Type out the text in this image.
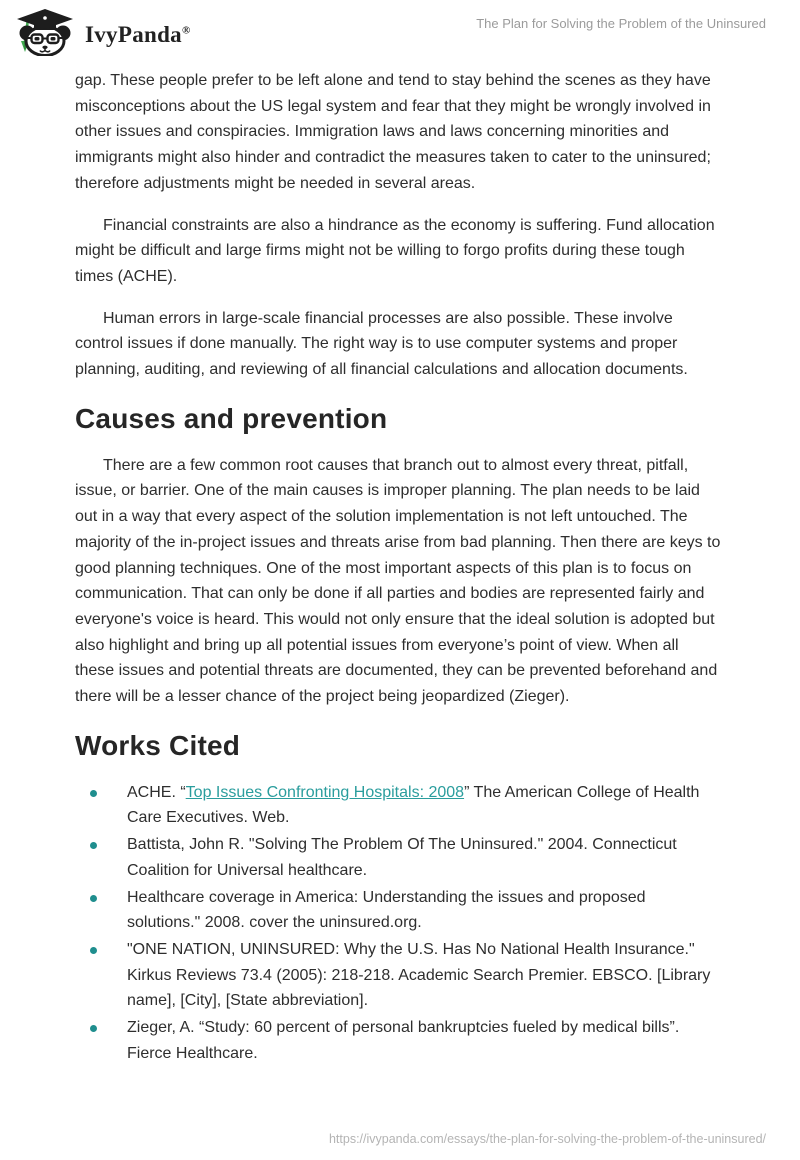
IvyPanda®	The Plan for Solving the Problem of the Uninsured

gap. These people prefer to be left alone and tend to stay behind the scenes as they have misconceptions about the US legal system and fear that they might be wrongly involved in other issues and conspiracies. Immigration laws and laws concerning minorities and immigrants might also hinder and contradict the measures taken to cater to the uninsured; therefore adjustments might be needed in several areas.

Financial constraints are also a hindrance as the economy is suffering. Fund allocation might be difficult and large firms might not be willing to forgo profits during these tough times (ACHE).

Human errors in large-scale financial processes are also possible. These involve control issues if done manually. The right way is to use computer systems and proper planning, auditing, and reviewing of all financial calculations and allocation documents.

Causes and prevention

There are a few common root causes that branch out to almost every threat, pitfall, issue, or barrier. One of the main causes is improper planning. The plan needs to be laid out in a way that every aspect of the solution implementation is not left untouched. The majority of the in-project issues and threats arise from bad planning. Then there are keys to good planning techniques. One of the most important aspects of this plan is to focus on communication. That can only be done if all parties and bodies are represented fairly and everyone's voice is heard. This would not only ensure that the ideal solution is adopted but also highlight and bring up all potential issues from everyone’s point of view. When all these issues and potential threats are documented, they can be prevented beforehand and there will be a lesser chance of the project being jeopardized (Zieger).

Works Cited
ACHE. “Top Issues Confronting Hospitals: 2008” The American College of Health Care Executives. Web.
Battista, John R. "Solving The Problem Of The Uninsured." 2004. Connecticut Coalition for Universal healthcare.
Healthcare coverage in America: Understanding the issues and proposed solutions." 2008. cover the uninsured.org.
"ONE NATION, UNINSURED: Why the U.S. Has No National Health Insurance." Kirkus Reviews 73.4 (2005): 218-218. Academic Search Premier. EBSCO. [Library name], [City], [State abbreviation].
Zieger, A. “Study: 60 percent of personal bankruptcies fueled by medical bills”. Fierce Healthcare.
https://ivypanda.com/essays/the-plan-for-solving-the-problem-of-the-uninsured/
